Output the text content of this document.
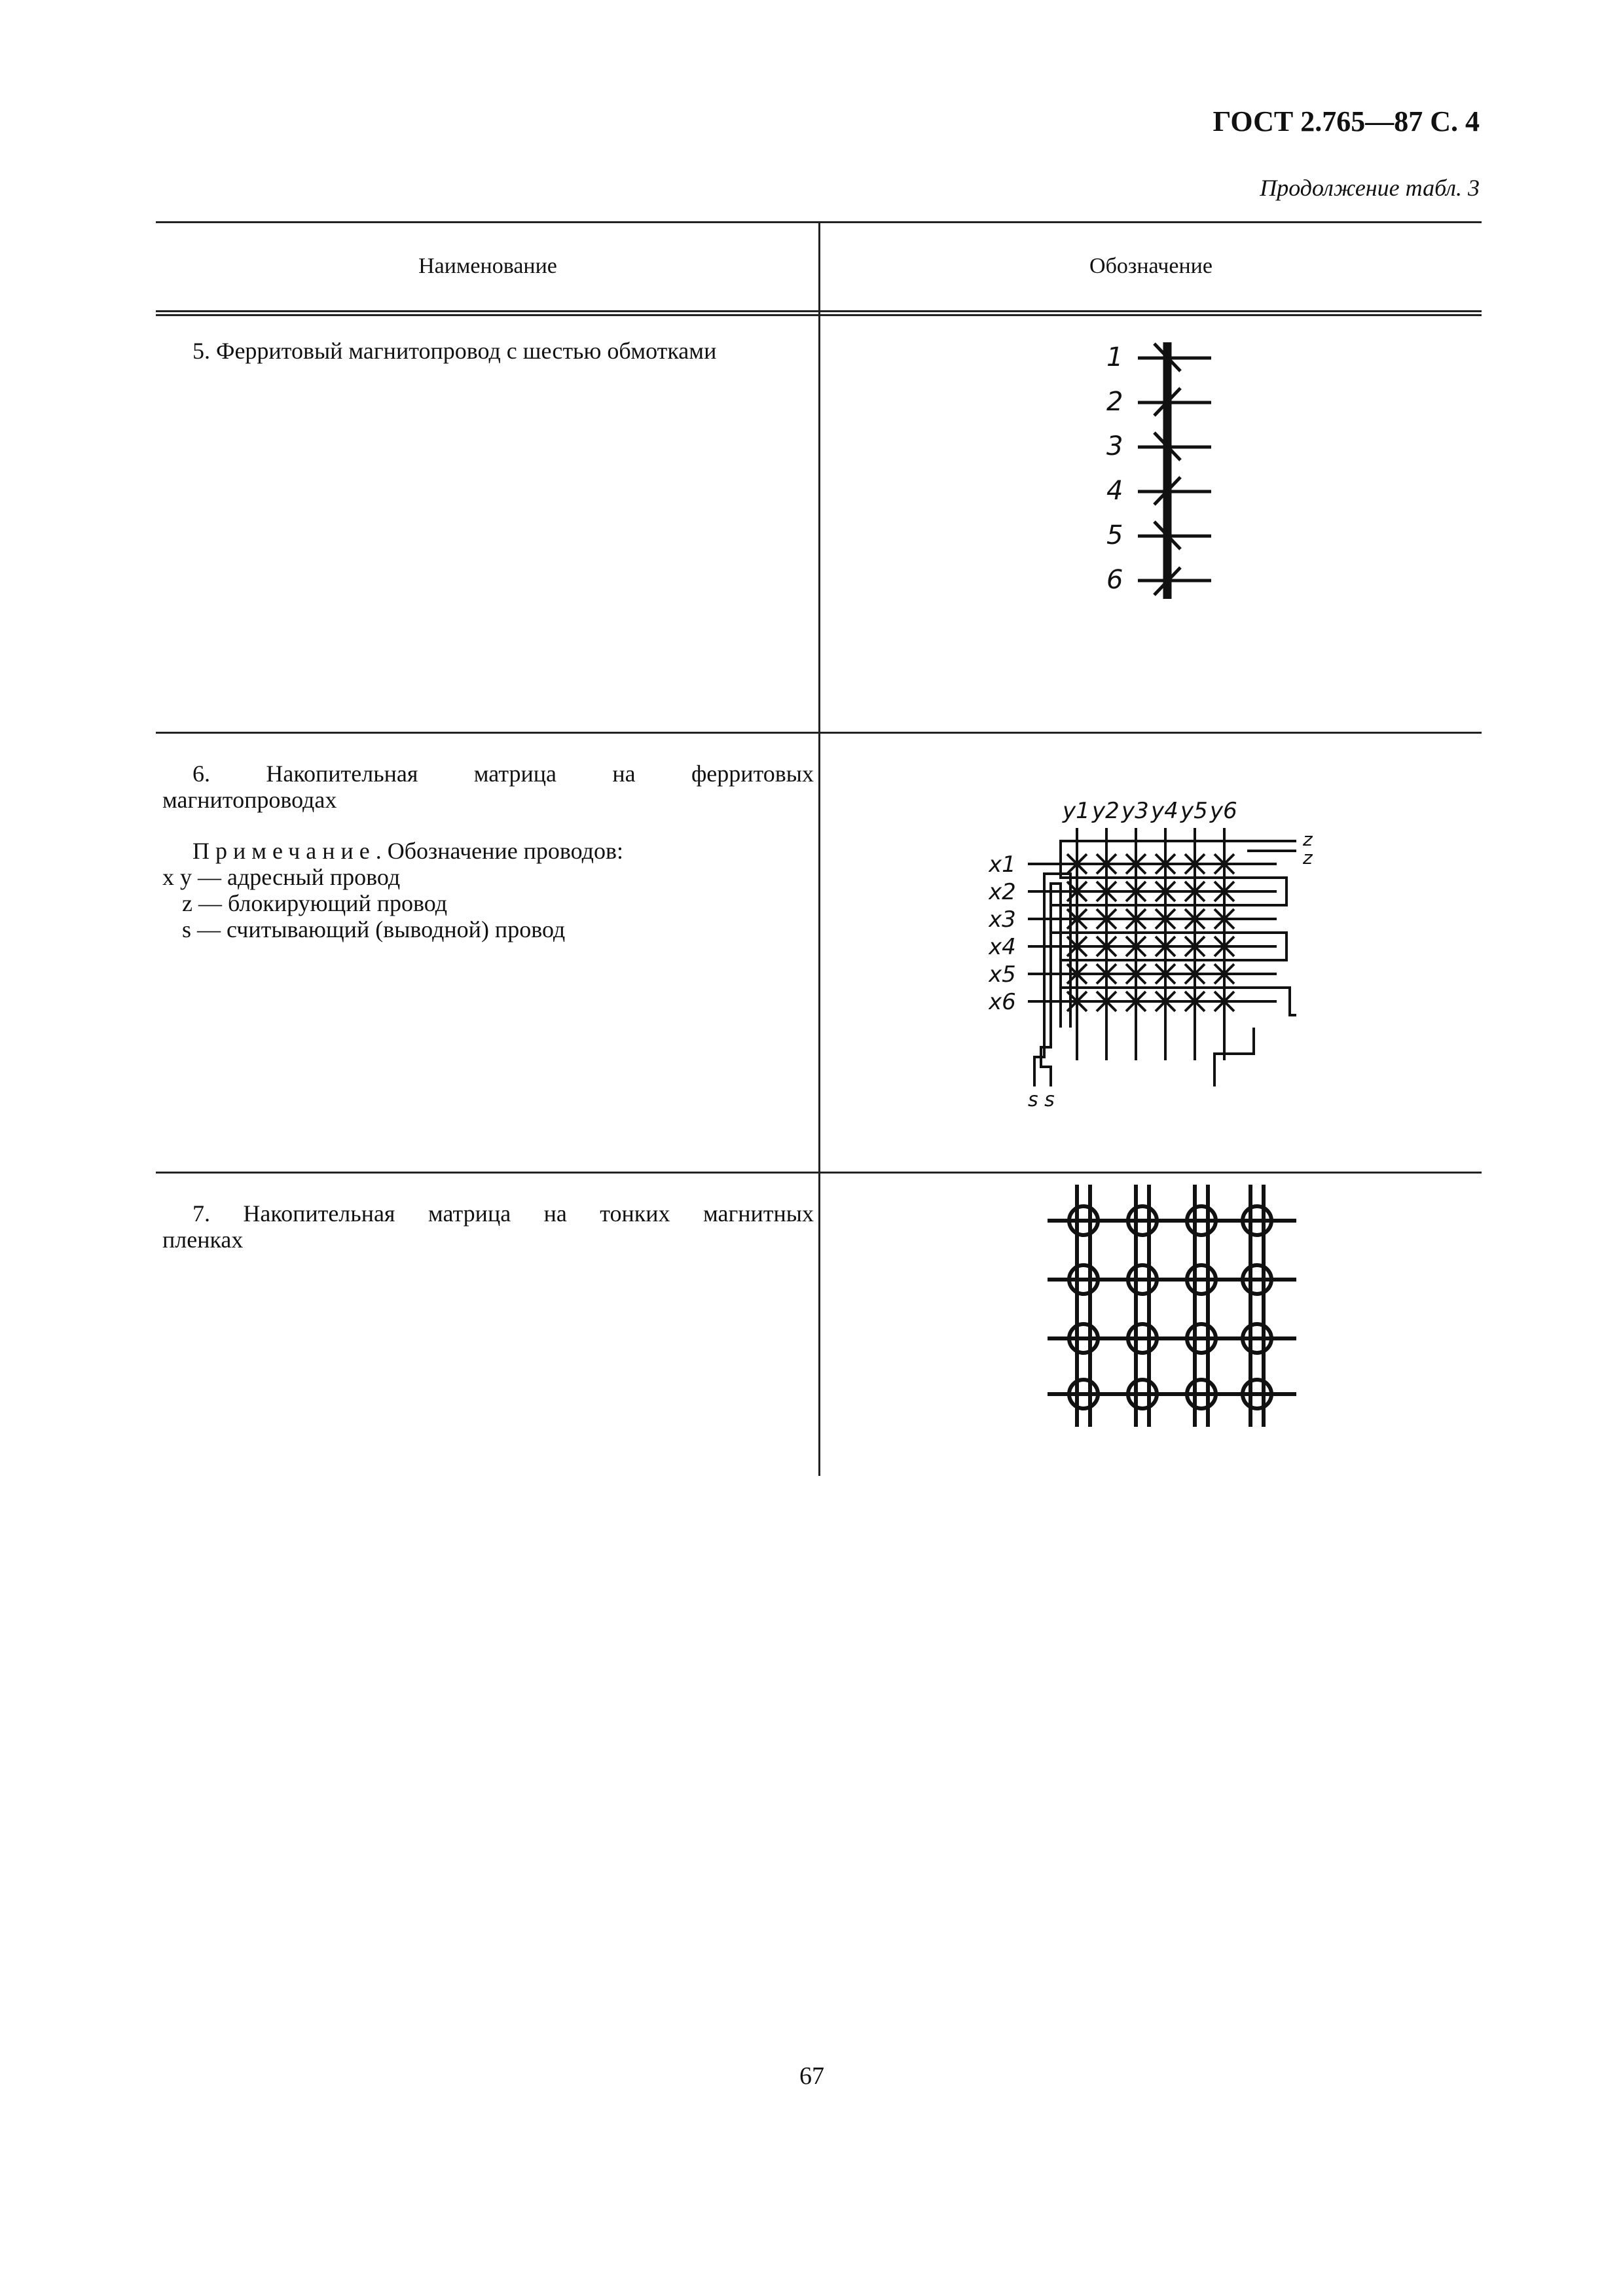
ГОСТ 2.765—87 С. 4
Продолжение табл. 3
Наименование	Обозначение
5. Ферритовый магнитопровод с шестью обмотками	1
2
3
4
5
6
6. Накопительная матрица на ферритовых
магнитопроводах
Примечание. Обозначение проводов:
x y — адресный провод
z — блокирующий провод
s — считывающий (выводной) провод
y1 y2 y3 y4 y5 y6
x1
x2
x3
x4
x5
x6
z
z
s s
7. Накопительная матрица на тонких магнитных
пленках
67
